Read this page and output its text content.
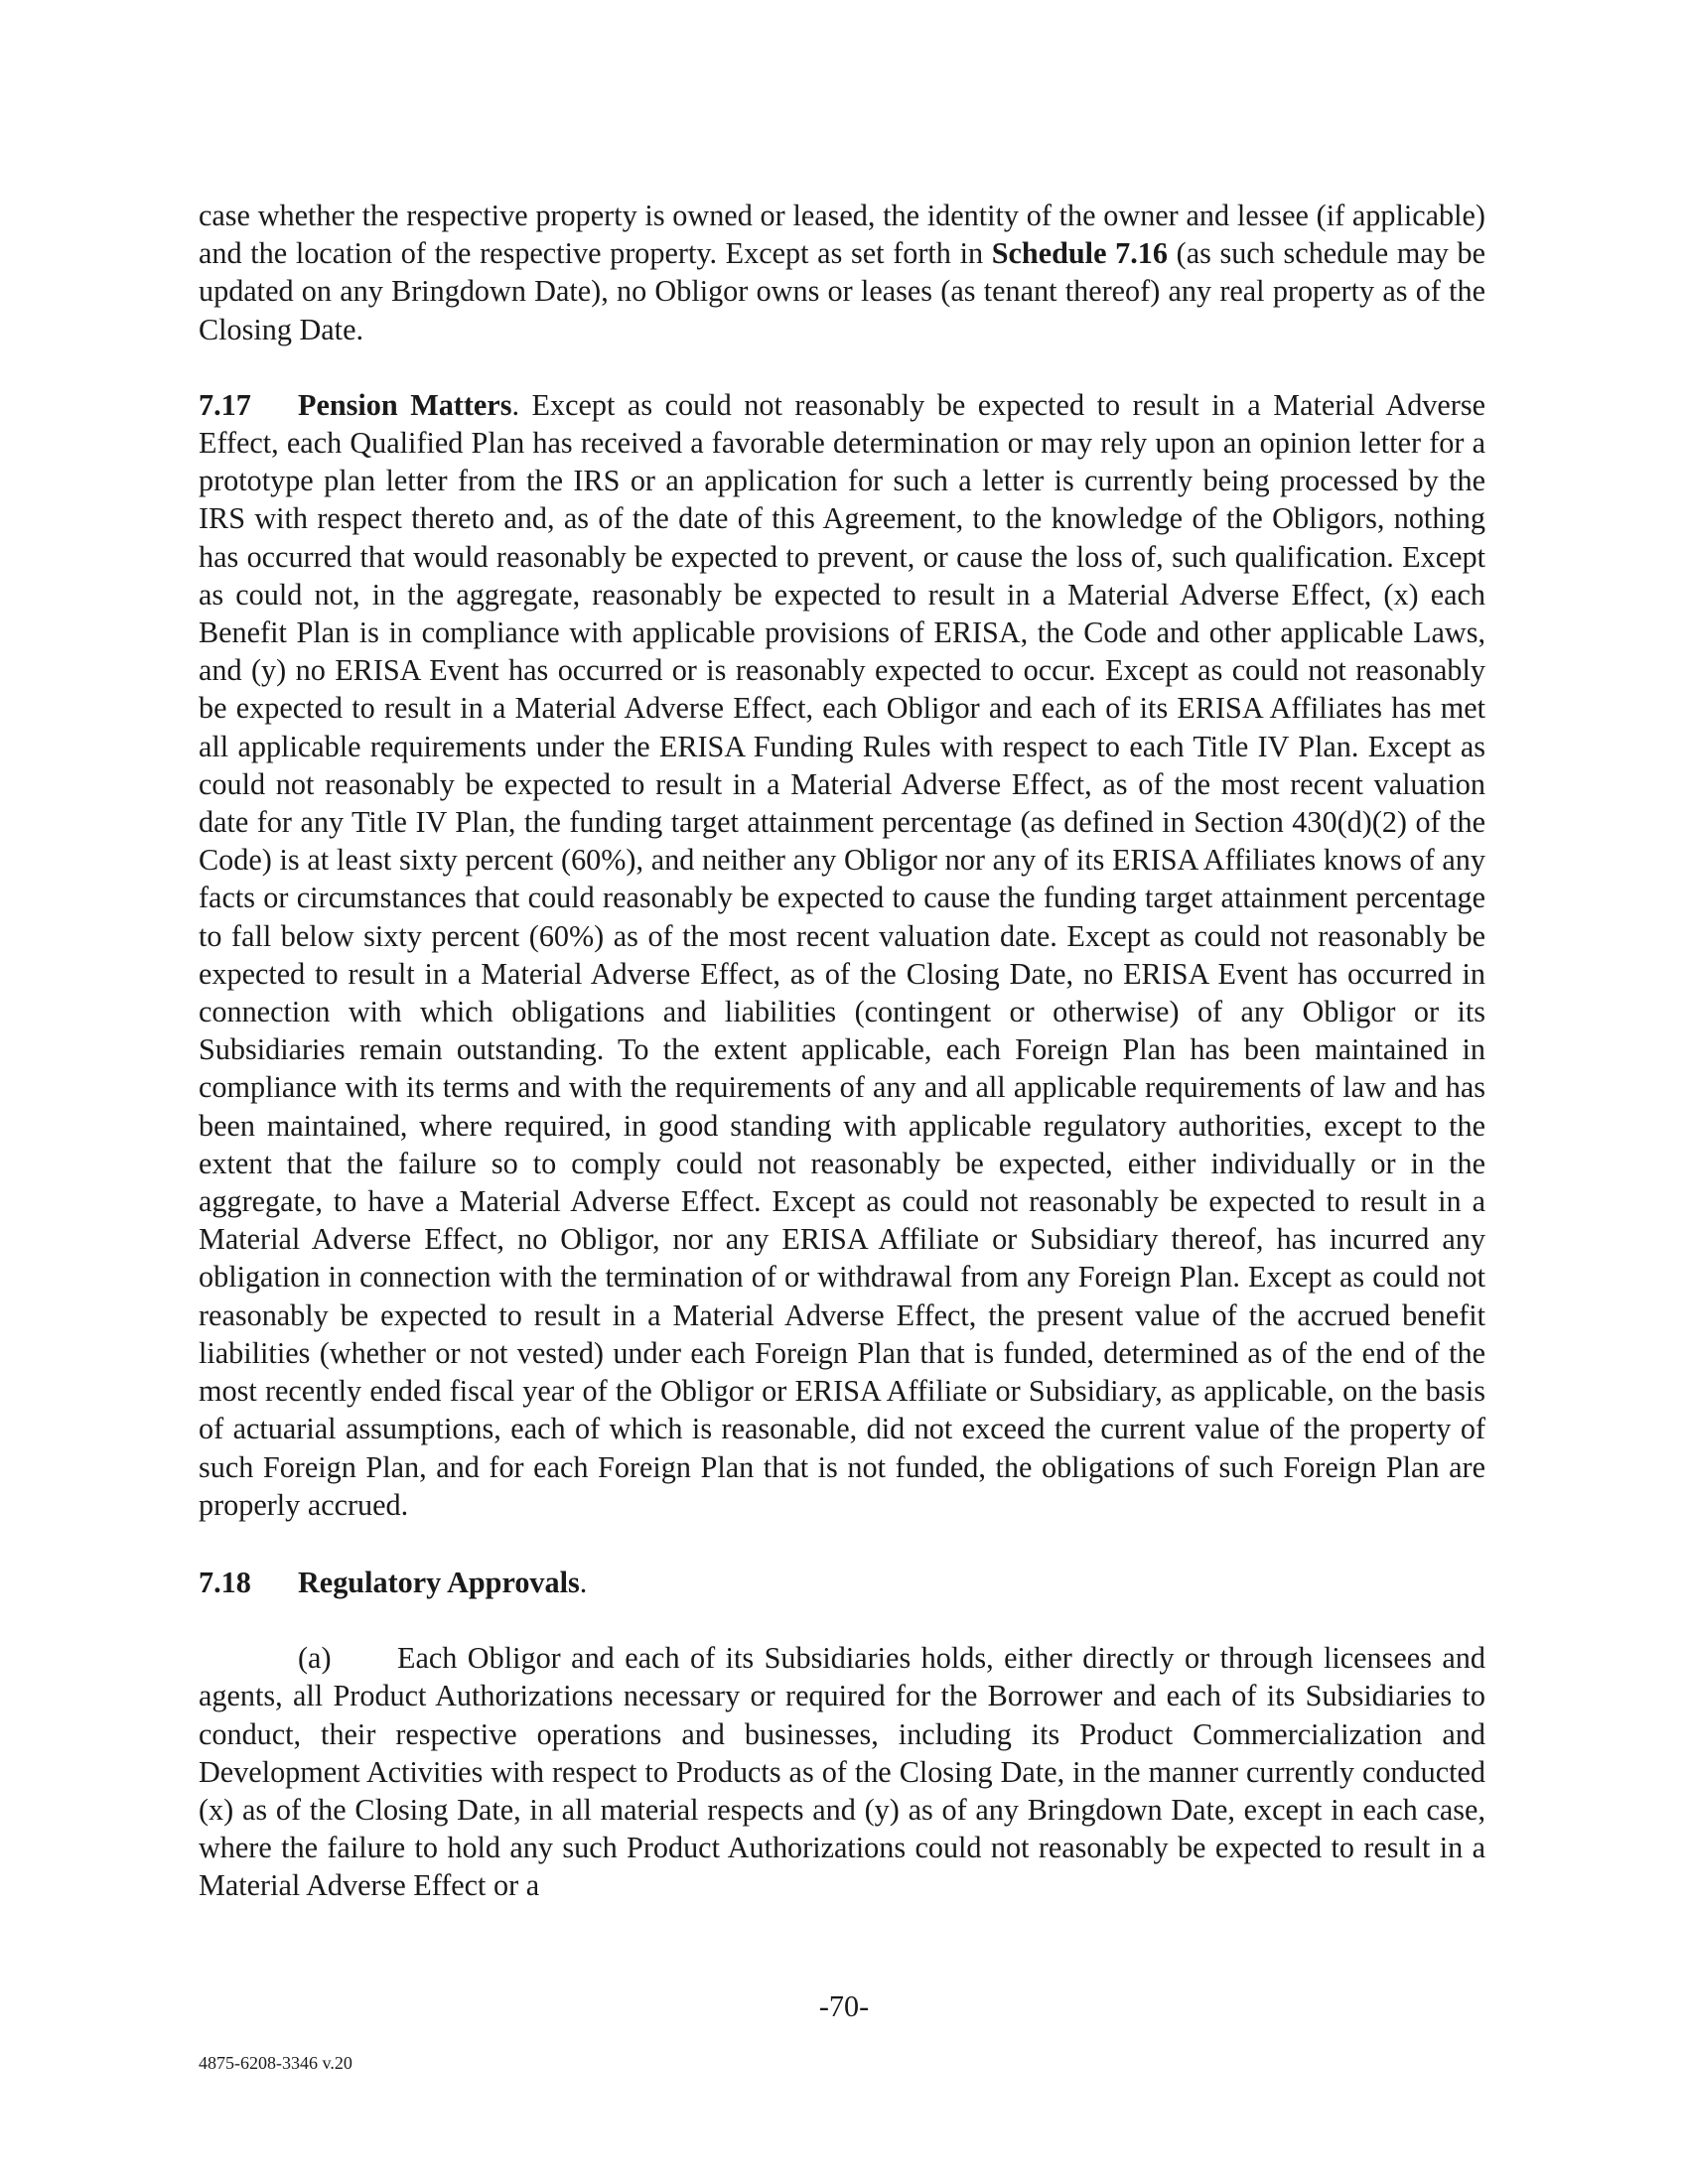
case whether the respective property is owned or leased, the identity of the owner and lessee (if applicable) and the location of the respective property. Except as set forth in Schedule 7.16 (as such schedule may be updated on any Bringdown Date), no Obligor owns or leases (as tenant thereof) any real property as of the Closing Date.

7.17 Pension Matters. Except as could not reasonably be expected to result in a Material Adverse Effect, each Qualified Plan has received a favorable determination or may rely upon an opinion letter for a prototype plan letter from the IRS or an application for such a letter is currently being processed by the IRS with respect thereto and, as of the date of this Agreement, to the knowledge of the Obligors, nothing has occurred that would reasonably be expected to prevent, or cause the loss of, such qualification. Except as could not, in the aggregate, reasonably be expected to result in a Material Adverse Effect, (x) each Benefit Plan is in compliance with applicable provisions of ERISA, the Code and other applicable Laws, and (y) no ERISA Event has occurred or is reasonably expected to occur. Except as could not reasonably be expected to result in a Material Adverse Effect, each Obligor and each of its ERISA Affiliates has met all applicable requirements under the ERISA Funding Rules with respect to each Title IV Plan. Except as could not reasonably be expected to result in a Material Adverse Effect, as of the most recent valuation date for any Title IV Plan, the funding target attainment percentage (as defined in Section 430(d)(2) of the Code) is at least sixty percent (60%), and neither any Obligor nor any of its ERISA Affiliates knows of any facts or circumstances that could reasonably be expected to cause the funding target attainment percentage to fall below sixty percent (60%) as of the most recent valuation date. Except as could not reasonably be expected to result in a Material Adverse Effect, as of the Closing Date, no ERISA Event has occurred in connection with which obligations and liabilities (contingent or otherwise) of any Obligor or its Subsidiaries remain outstanding. To the extent applicable, each Foreign Plan has been maintained in compliance with its terms and with the requirements of any and all applicable requirements of law and has been maintained, where required, in good standing with applicable regulatory authorities, except to the extent that the failure so to comply could not reasonably be expected, either individually or in the aggregate, to have a Material Adverse Effect. Except as could not reasonably be expected to result in a Material Adverse Effect, no Obligor, nor any ERISA Affiliate or Subsidiary thereof, has incurred any obligation in connection with the termination of or withdrawal from any Foreign Plan. Except as could not reasonably be expected to result in a Material Adverse Effect, the present value of the accrued benefit liabilities (whether or not vested) under each Foreign Plan that is funded, determined as of the end of the most recently ended fiscal year of the Obligor or ERISA Affiliate or Subsidiary, as applicable, on the basis of actuarial assumptions, each of which is reasonable, did not exceed the current value of the property of such Foreign Plan, and for each Foreign Plan that is not funded, the obligations of such Foreign Plan are properly accrued.

7.18 Regulatory Approvals.

(a) Each Obligor and each of its Subsidiaries holds, either directly or through licensees and agents, all Product Authorizations necessary or required for the Borrower and each of its Subsidiaries to conduct, their respective operations and businesses, including its Product Commercialization and Development Activities with respect to Products as of the Closing Date, in the manner currently conducted (x) as of the Closing Date, in all material respects and (y) as of any Bringdown Date, except in each case, where the failure to hold any such Product Authorizations could not reasonably be expected to result in a Material Adverse Effect or a

-70-
4875-6208-3346 v.20
